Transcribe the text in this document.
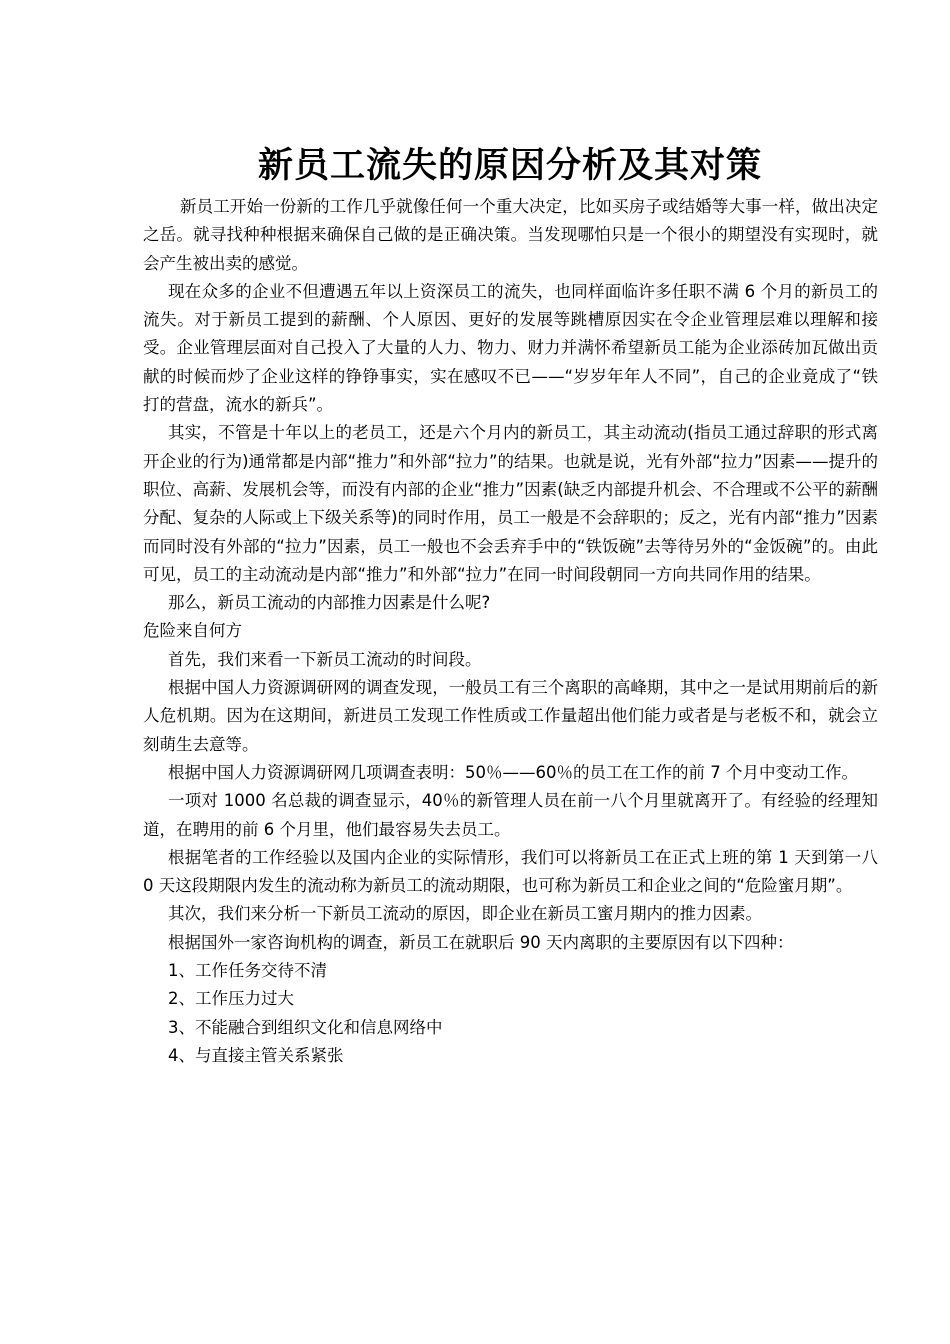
新员工流失的原因分析及其对策

新员工开始一份新的工作几乎就像任何一个重大决定，比如买房子或结婚等大事一样，做出决定之岳。就寻找种种根据来确保自己做的是正确决策。当发现哪怕只是一个很小的期望没有实现时，就会产生被出卖的感觉。

现在众多的企业不但遭遇五年以上资深员工的流失，也同样面临许多任职不满 6 个月的新员工的流失。对于新员工提到的薪酬、个人原因、更好的发展等跳槽原因实在令企业管理层难以理解和接受。企业管理层面对自己投入了大量的人力、物力、财力并满怀希望新员工能为企业添砖加瓦做出贡献的时候而炒了企业这样的铮铮事实，实在感叹不已——“岁岁年年人不同”，自己的企业竟成了“铁打的营盘，流水的新兵”。

其实，不管是十年以上的老员工，还是六个月内的新员工，其主动流动(指员工通过辞职的形式离开企业的行为)通常都是内部“推力”和外部“拉力”的结果。也就是说，光有外部“拉力”因素——提升的职位、高薪、发展机会等，而没有内部的企业“推力”因素(缺乏内部提升机会、不合理或不公平的薪酬分配、复杂的人际或上下级关系等)的同时作用，员工一般是不会辞职的；反之，光有内部“推力”因素而同时没有外部的“拉力”因素，员工一般也不会丢弃手中的“铁饭碗”去等待另外的“金饭碗”的。由此可见，员工的主动流动是内部“推力”和外部“拉力”在同一时间段朝同一方向共同作用的结果。

那么，新员工流动的内部推力因素是什么呢?

危险来自何方

首先，我们来看一下新员工流动的时间段。

根据中国人力资源调研网的调查发现，一般员工有三个离职的高峰期，其中之一是试用期前后的新人危机期。因为在这期间，新进员工发现工作性质或工作量超出他们能力或者是与老板不和，就会立刻萌生去意等。

根据中国人力资源调研网几项调查表明：50％——60％的员工在工作的前 7 个月中变动工作。

一项对 1000 名总裁的调查显示，40％的新管理人员在前一八个月里就离开了。有经验的经理知道，在聘用的前 6 个月里，他们最容易失去员工。

根据笔者的工作经验以及国内企业的实际情形，我们可以将新员工在正式上班的第 1 天到第一八 0 天这段期限内发生的流动称为新员工的流动期限，也可称为新员工和企业之间的“危险蜜月期”。

其次，我们来分析一下新员工流动的原因，即企业在新员工蜜月期内的推力因素。

根据国外一家咨询机构的调查，新员工在就职后 90 天内离职的主要原因有以下四种：

1、工作任务交待不清

2、工作压力过大

3、不能融合到组织文化和信息网络中

4、与直接主管关系紧张
